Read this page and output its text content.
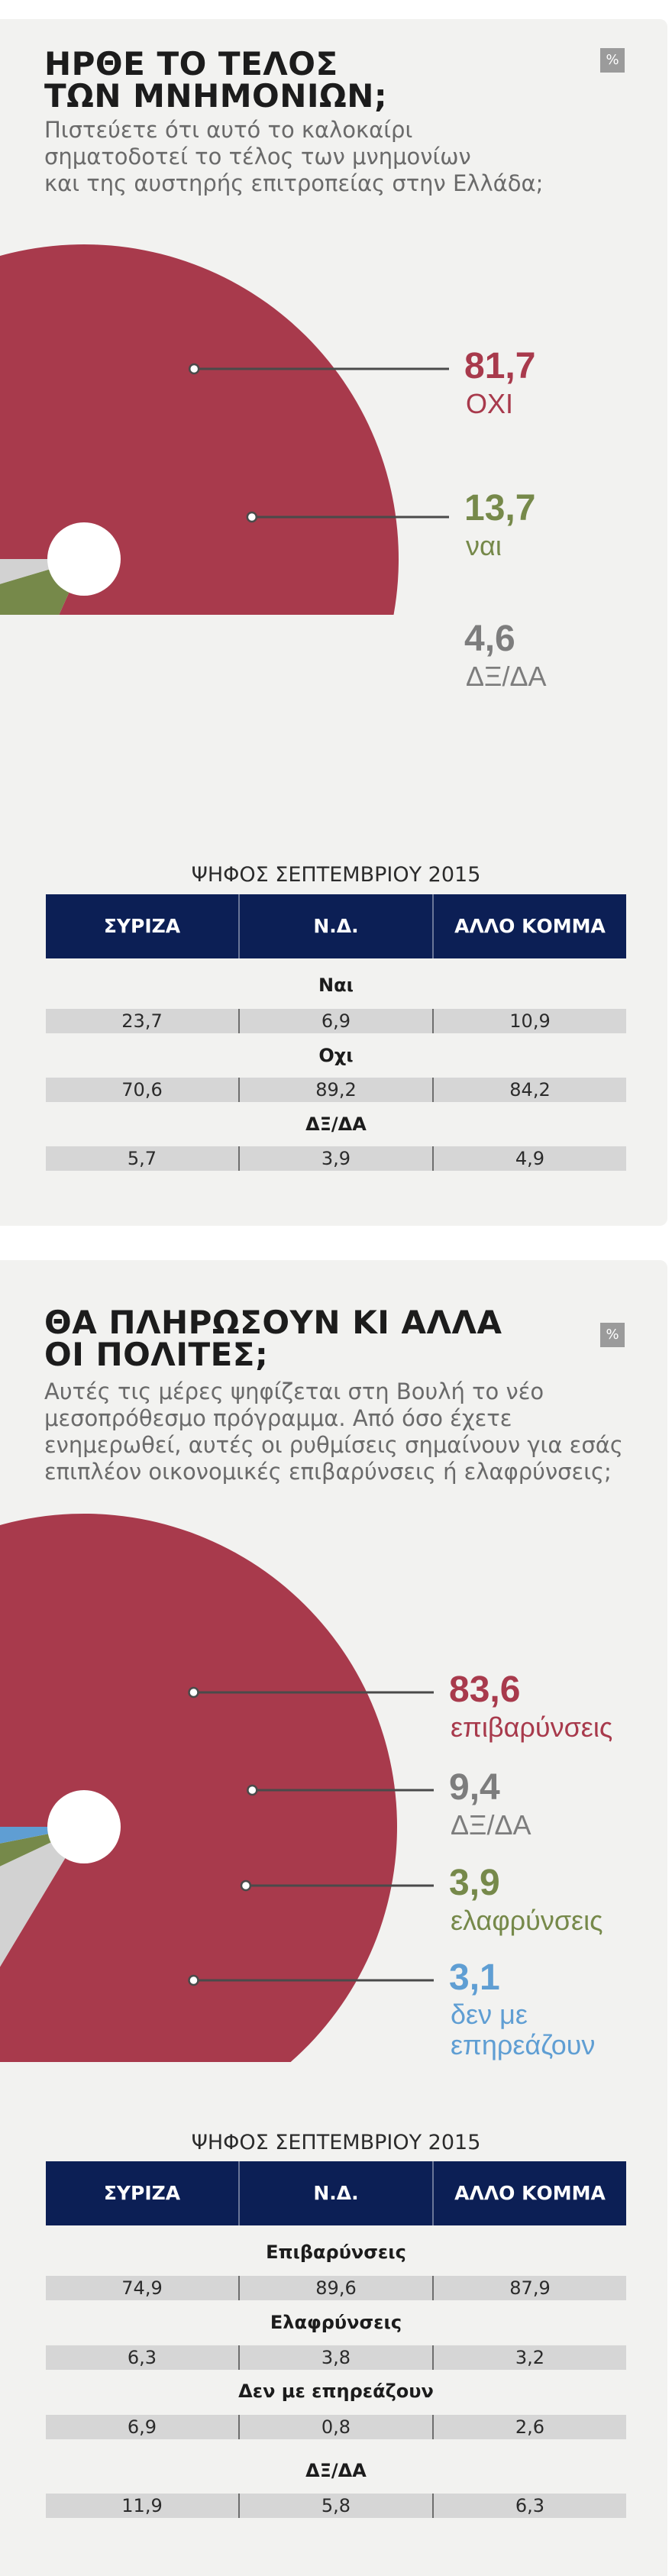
ΗΡΘΕ ΤΟ ΤΕΛΟΣ
ΤΩΝ ΜΝΗΜΟΝΙΩΝ;
%
Πιστεύετε ότι αυτό το καλοκαίρι
σηματοδοτεί το τέλος των μνημονίων
και της αυστηρής επιτροπείας στην Ελλάδα;
81,7
ΟΧΙ
13,7
ναι
4,6
ΔΞ/ΔΑ
ΨΗΦΟΣ ΣΕΠΤΕΜΒΡΙΟΥ 2015
ΣΥΡΙΖΑ	Ν.Δ.	ΑΛΛΟ ΚΟΜΜΑ
Ναι
23,7	6,9	10,9
Οχι
70,6	89,2	84,2
ΔΞ/ΔΑ
5,7	3,9	4,9
ΘΑ ΠΛΗΡΩΣΟΥΝ ΚΙ ΑΛΛΑ
ΟΙ ΠΟΛΙΤΕΣ;
%
Αυτές τις μέρες ψηφίζεται στη Βουλή το νέο
μεσοπρόθεσμο πρόγραμμα. Από όσο έχετε
ενημερωθεί, αυτές οι ρυθμίσεις σημαίνουν για εσάς
επιπλέον οικονομικές επιβαρύνσεις ή ελαφρύνσεις;
83,6
επιβαρύνσεις
9,4
ΔΞ/ΔΑ
3,9
ελαφρύνσεις
3,1
δεν με
επηρεάζουν
ΨΗΦΟΣ ΣΕΠΤΕΜΒΡΙΟΥ 2015
ΣΥΡΙΖΑ	Ν.Δ.	ΑΛΛΟ ΚΟΜΜΑ
Επιβαρύνσεις
74,9	89,6	87,9
Ελαφρύνσεις
6,3	3,8	3,2
Δεν με επηρεάζουν
6,9	0,8	2,6
ΔΞ/ΔΑ
11,9	5,8	6,3
